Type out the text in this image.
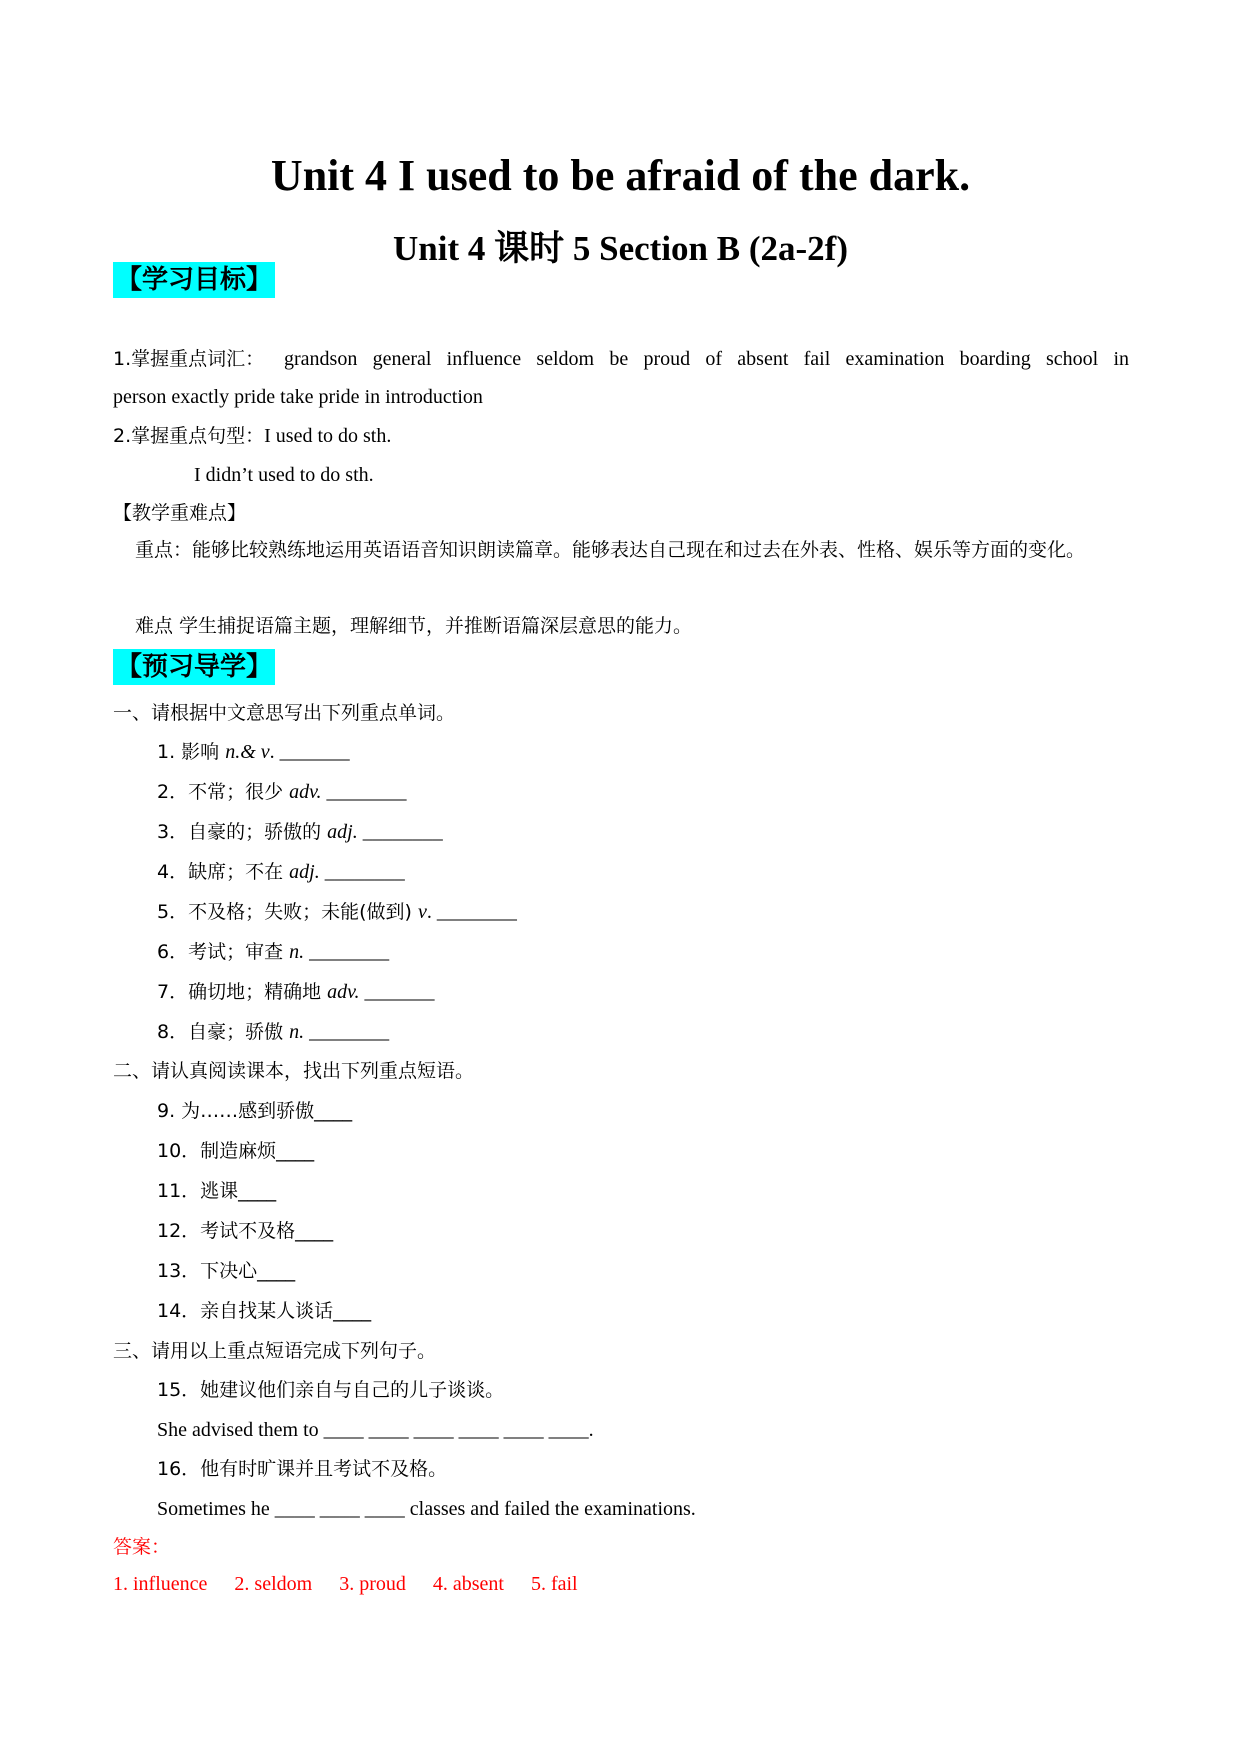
Unit 4 I used to be afraid of the dark.
Unit 4 课时 5 Section B (2a-2f)
【学习目标】
1.掌握重点词汇： grandson general influence seldom be proud of absent fail examination boarding school in
person exactly pride take pride in introduction
2.掌握重点句型：I used to do sth.
I didn’t used to do sth.
【教学重难点】
重点：能够比较熟练地运用英语语音知识朗读篇章。能够表达自己现在和过去在外表、性格、娱乐等方面的变化。
难点 学生捕捉语篇主题，理解细节，并推断语篇深层意思的能力。
【预习导学】
一、请根据中文意思写出下列重点单词。
1. 影响 n.& v. _______
2．不常；很少 adv. ________
3．自豪的；骄傲的 adj. ________
4．缺席；不在 adj. ________
5．不及格；失败；未能(做到) v. ________
6．考试；审查 n. ________
7．确切地；精确地 adv. _______
8．自豪；骄傲 n. ________
二、请认真阅读课本，找出下列重点短语。
9. 为……感到骄傲____
10．制造麻烦____
11．逃课____
12．考试不及格____
13．下决心____
14．亲自找某人谈话____
三、请用以上重点短语完成下列句子。
15．她建议他们亲自与自己的儿子谈谈。
She advised them to ____ ____ ____ ____ ____ ____.
16．他有时旷课并且考试不及格。
Sometimes he ____ ____ ____ classes and failed the examinations.
答案：
1. influence 2. seldom 3. proud 4. absent 5. fail
